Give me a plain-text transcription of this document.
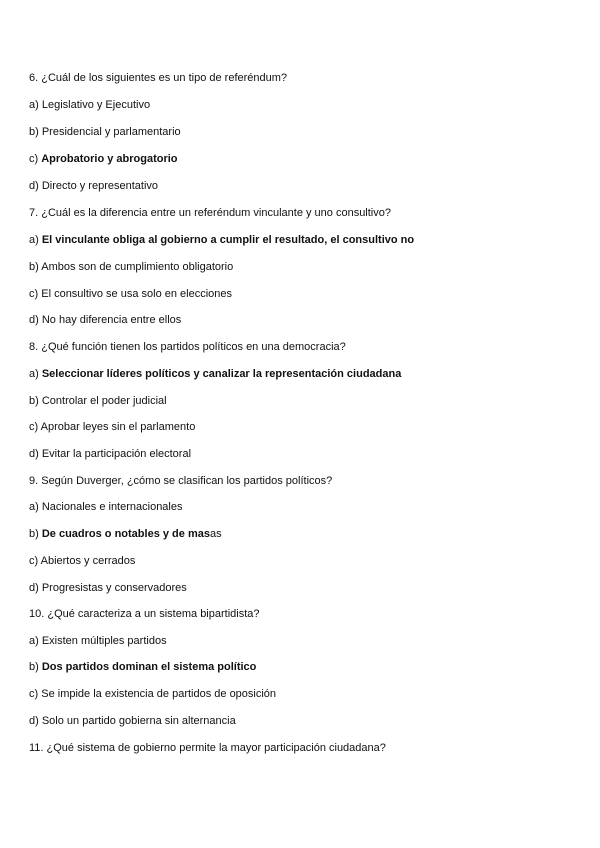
6. ¿Cuál de los siguientes es un tipo de referéndum?
a) Legislativo y Ejecutivo
b) Presidencial y parlamentario
c) Aprobatorio y abrogatorio
d) Directo y representativo
7. ¿Cuál es la diferencia entre un referéndum vinculante y uno consultivo?
a) El vinculante obliga al gobierno a cumplir el resultado, el consultivo no
b) Ambos son de cumplimiento obligatorio
c) El consultivo se usa solo en elecciones
d) No hay diferencia entre ellos
8. ¿Qué función tienen los partidos políticos en una democracia?
a) Seleccionar líderes políticos y canalizar la representación ciudadana
b) Controlar el poder judicial
c) Aprobar leyes sin el parlamento
d) Evitar la participación electoral
9. Según Duverger, ¿cómo se clasifican los partidos políticos?
a) Nacionales e internacionales
b) De cuadros o notables y de masas
c) Abiertos y cerrados
d) Progresistas y conservadores
10. ¿Qué caracteriza a un sistema bipartidista?
a) Existen múltiples partidos
b) Dos partidos dominan el sistema político
c) Se impide la existencia de partidos de oposición
d) Solo un partido gobierna sin alternancia
11. ¿Qué sistema de gobierno permite la mayor participación ciudadana?
